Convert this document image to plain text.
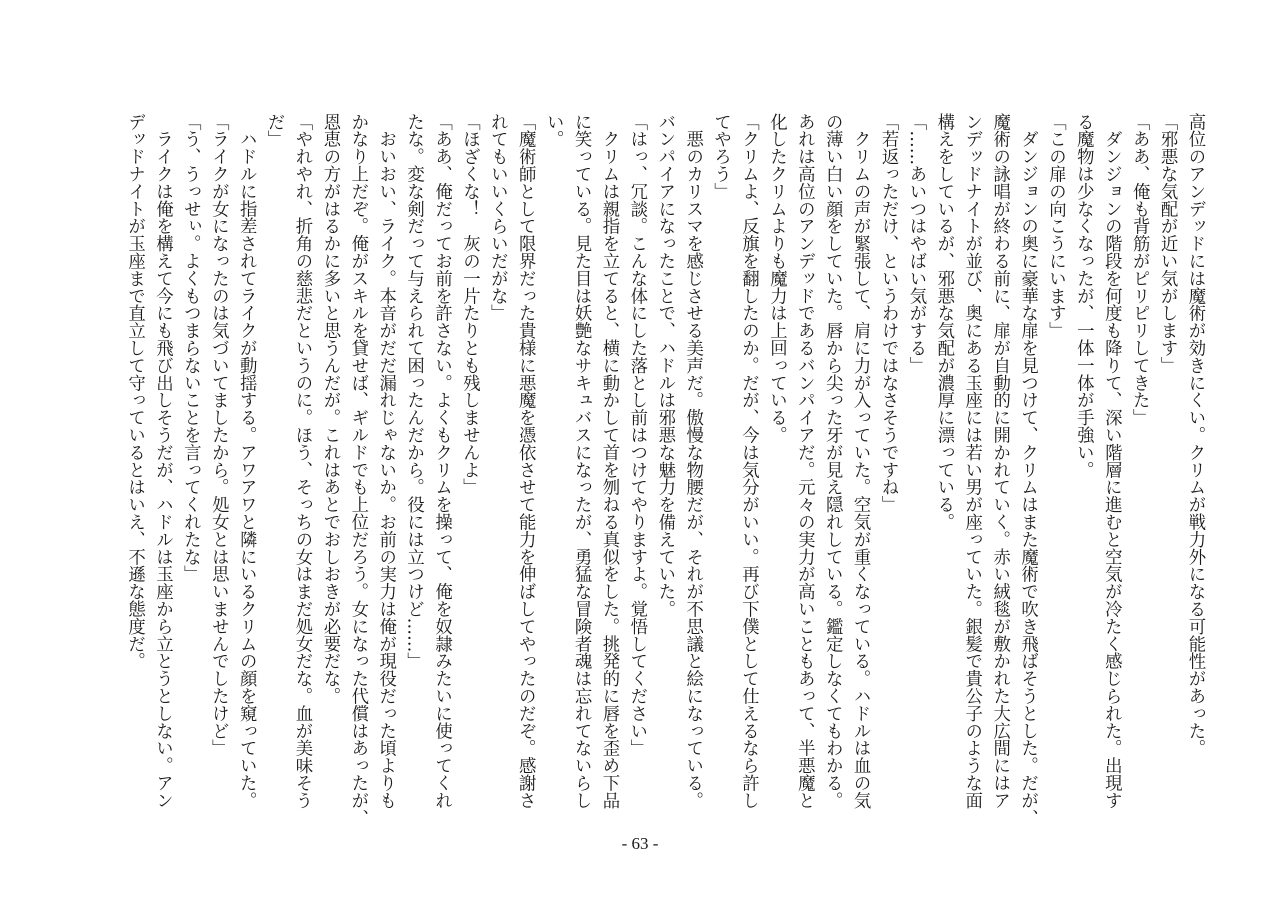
高位のアンデッドには魔術が効きにくい。クリムが戦力外になる可能性があった。
「邪悪な気配が近い気がします」
「ああ、俺も背筋がピリピリしてきた」
　ダンジョンの階段を何度も降りて、深い階層に進むと空気が冷たく感じられた。出現す
る魔物は少なくなったが、一体一体が手強い。
「この扉の向こうにいます」
　ダンジョンの奥に豪華な扉を見つけて、クリムはまた魔術で吹き飛ばそうとした。だが、
魔術の詠唱が終わる前に、扉が自動的に開かれていく。赤い絨毯が敷かれた大広間にはア
ンデッドナイトが並び、奥にある玉座には若い男が座っていた。銀髪で貴公子のような面
構えをしているが、邪悪な気配が濃厚に漂っている。
「……あいつはやばい気がする」
「若返っただけ、というわけではなさそうですね」
　クリムの声が緊張して、肩に力が入っていた。空気が重くなっている。ハドルは血の気
の薄い白い顔をしていた。唇から尖った牙が見え隠れしている。鑑定しなくてもわかる。
あれは高位のアンデッドであるバンパイアだ。元々の実力が高いこともあって、半悪魔と
化したクリムよりも魔力は上回っている。
「クリムよ、反旗を翻したのか。だが、今は気分がいい。再び下僕として仕えるなら許し
てやろう」
　悪のカリスマを感じさせる美声だ。傲慢な物腰だが、それが不思議と絵になっている。
バンパイアになったことで、ハドルは邪悪な魅力を備えていた。
「はっ、冗談。こんな体にした落とし前はつけてやりますよ。覚悟してください」
　クリムは親指を立てると、横に動かして首を刎ねる真似をした。挑発的に唇を歪め下品
に笑っている。見た目は妖艶なサキュバスになったが、勇猛な冒険者魂は忘れてないらし
い。
「魔術師として限界だった貴様に悪魔を憑依させて能力を伸ばしてやったのだぞ。感謝さ
れてもいいくらいだがな」
「ほざくな！　灰の一片たりとも残しませんよ」
「ああ、俺だってお前を許さない。よくもクリムを操って、俺を奴隷みたいに使ってくれ
たな。変な剣だって与えられて困ったんだから。役には立つけど……」
　おいおい、ライク。本音がだだ漏れじゃないか。お前の実力は俺が現役だった頃よりも
かなり上だぞ。俺がスキルを貸せば、ギルドでも上位だろう。女になった代償はあったが、
恩恵の方がはるかに多いと思うんだが。これはあとでおしおきが必要だな。
「やれやれ、折角の慈悲だというのに。ほう、そっちの女はまだ処女だな。血が美味そう
だ」
　ハドルに指差されてライクが動揺する。アワアワと隣にいるクリムの顔を窺っていた。
「ライクが女になったのは気づいてましたから。処女とは思いませんでしたけど」
「う、うっせぃ。よくもつまらないことを言ってくれたな」
　ライクは俺を構えて今にも飛び出しそうだが、ハドルは玉座から立とうとしない。アン
デッドナイトが玉座まで直立して守っているとはいえ、不遜な態度だ。
- 63 -
